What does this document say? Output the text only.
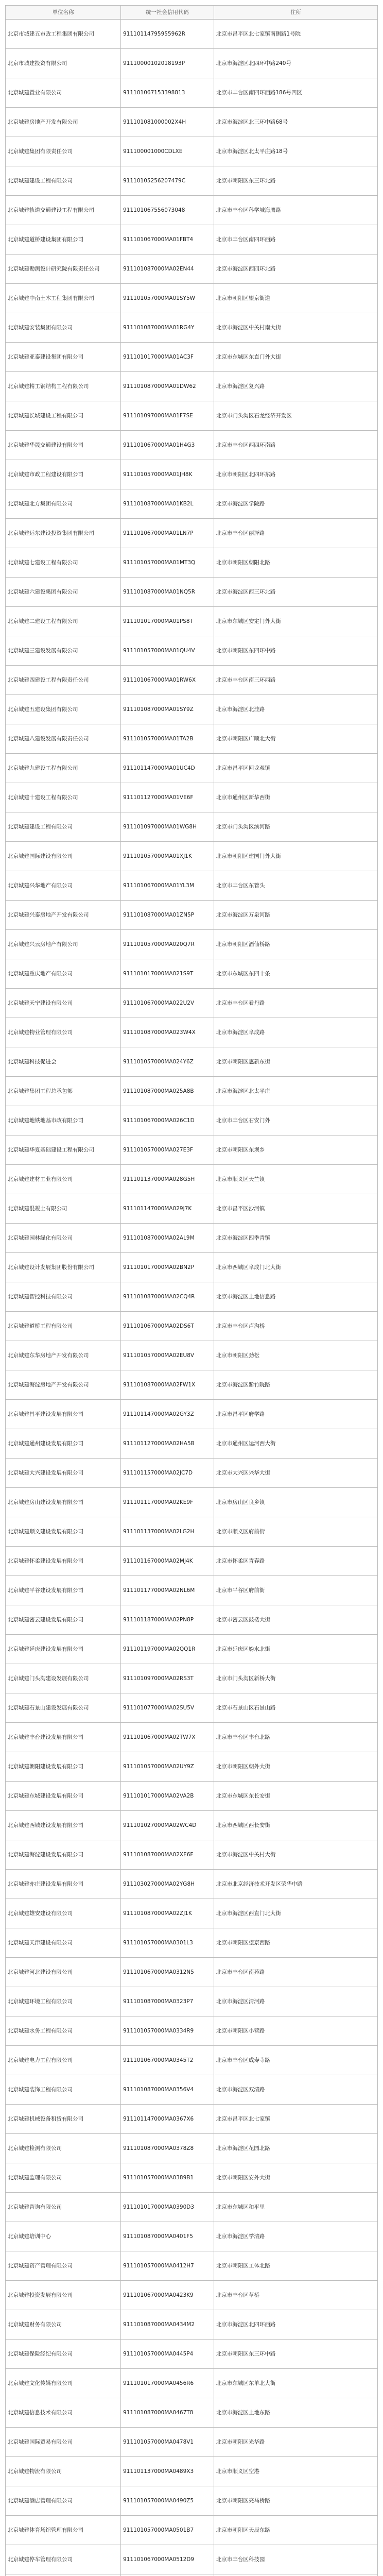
单位名称	统一社会信用代码	住所
北京市城建五市政工程集团有限公司	91110114795955962R	北京市昌平区北七家镇南侧路1号院
北京市城建投资有限公司	91110000102018193P	北京市海淀区北四环中路240号
北京城建置业有限公司	911101067153398813	北京市丰台区南四环西路186号四区
北京城建房地产开发有限公司	911101081000002X4H	北京市海淀区北三环中路68号
北京城建集团有限责任公司	911100001000CDLXE	北京市海淀区北太平庄路18号
北京城建建设工程有限公司	91110105256207479C	北京市朝阳区东三环北路
北京城建轨道交通建设工程有限公司	911101067556073048	北京市丰台区科学城海鹰路
北京城建道桥建设集团有限公司	911101067000MA01FBT4	北京市丰台区南四环西路
北京城建勘测设计研究院有限责任公司	911101087000MA02EN44	北京市海淀区西四环北路
北京城建中南土木工程集团有限公司	911101057000MA01SY5W	北京市朝阳区望京街道
北京城建安装集团有限公司	911101087000MA01RG4Y	北京市海淀区中关村南大街
北京城建亚泰建设集团有限公司	911101017000MA01AC3F	北京市东城区东直门外大街
北京城建精工钢结构工程有限公司	911101087000MA01DW62	北京市海淀区复兴路
北京城建长城建设工程有限公司	911101097000MA01F7SE	北京市门头沟区石龙经济开发区
北京城建华晟交通建设有限公司	911101067000MA01H4G3	北京市丰台区西四环南路
北京城建市政工程建设有限公司	911101057000MA01JH8K	北京市朝阳区北四环东路
北京城建北方集团有限公司	911101087000MA01KB2L	北京市海淀区学院路
北京城建远东建设投资集团有限公司	911101067000MA01LN7P	北京市丰台区丽泽路
北京城建七建设工程有限公司	911101057000MA01MT3Q	北京市朝阳区朝阳北路
北京城建六建设集团有限公司	911101087000MA01NQ5R	北京市海淀区西三环北路
北京城建二建设工程有限公司	911101017000MA01PS8T	北京市东城区安定门外大街
北京城建三建设发展有限公司	911101057000MA01QU4V	北京市朝阳区东四环中路
北京城建四建设工程有限责任公司	911101067000MA01RW6X	北京市丰台区南三环西路
北京城建五建设集团有限公司	911101087000MA01SY9Z	北京市海淀区北洼路
北京城建八建设发展有限责任公司	911101057000MA01TA2B	北京市朝阳区广顺北大街
北京城建九建设工程有限公司	911101147000MA01UC4D	北京市昌平区回龙观镇
北京城建十建设工程有限公司	911101127000MA01VE6F	北京市通州区新华西街
北京城建建设工程有限公司	911101097000MA01WG8H	北京市门头沟区滨河路
北京城建国际建设有限公司	911101057000MA01XJ1K	北京市朝阳区建国门外大街
北京城建兴华地产有限公司	911101067000MA01YL3M	北京市丰台区东管头
北京城建兴泰房地产开发有限公司	911101087000MA01ZN5P	北京市海淀区万泉河路
北京城建兴云房地产有限公司	911101057000MA020Q7R	北京市朝阳区酒仙桥路
北京城建重庆地产有限公司	911101017000MA021S9T	北京市东城区东四十条
北京城建天宁建设有限公司	911101067000MA022U2V	北京市丰台区看丹路
北京城建物业管理有限公司	911101087000MA023W4X	北京市海淀区阜成路
北京城建科技促进会	911101057000MA024Y6Z	北京市朝阳区惠新东街
北京城建集团工程总承包部	911101087000MA025A8B	北京市海淀区北太平庄
北京城建地铁地基市政有限公司	911101067000MA026C1D	北京市丰台区右安门外
北京城建华夏基础建设工程有限公司	911101057000MA027E3F	北京市朝阳区东坝乡
北京城建建材工业有限公司	911101137000MA028G5H	北京市顺义区天竺镇
北京城建混凝土有限公司	911101147000MA029J7K	北京市昌平区沙河镇
北京城建园林绿化有限公司	911101087000MA02AL9M	北京市海淀区四季青镇
北京城建设计发展集团股份有限公司	911101017000MA02BN2P	北京市西城区阜成门北大街
北京城建智控科技有限公司	911101087000MA02CQ4R	北京市海淀区上地信息路
北京城建道桥工程有限公司	911101067000MA02DS6T	北京市丰台区卢沟桥
北京城建东华房地产开发有限公司	911101057000MA02EU8V	北京市朝阳区劲松
北京城建海淀房地产开发有限公司	911101087000MA02FW1X	北京市海淀区紫竹院路
北京城建昌平建设发展有限公司	911101147000MA02GY3Z	北京市昌平区府学路
北京城建通州建设发展有限公司	911101127000MA02HA5B	北京市通州区运河西大街
北京城建大兴建设发展有限公司	911101157000MA02JC7D	北京市大兴区兴华大街
北京城建房山建设发展有限公司	911101117000MA02KE9F	北京市房山区良乡镇
北京城建顺义建设发展有限公司	911101137000MA02LG2H	北京市顺义区府前街
北京城建怀柔建设发展有限公司	911101167000MA02MJ4K	北京市怀柔区青春路
北京城建平谷建设发展有限公司	911101177000MA02NL6M	北京市平谷区府前街
北京城建密云建设发展有限公司	911101187000MA02PN8P	北京市密云区鼓楼大街
北京城建延庆建设发展有限公司	911101197000MA02QQ1R	北京市延庆区妫水北街
北京城建门头沟建设发展有限公司	911101097000MA02RS3T	北京市门头沟区新桥大街
北京城建石景山建设发展有限公司	911101077000MA02SU5V	北京市石景山区石景山路
北京城建丰台建设发展有限公司	911101067000MA02TW7X	北京市丰台区丰台北路
北京城建朝阳建设发展有限公司	911101057000MA02UY9Z	北京市朝阳区朝外大街
北京城建东城建设发展有限公司	911101017000MA02VA2B	北京市东城区东长安街
北京城建西城建设发展有限公司	911101027000MA02WC4D	北京市西城区西长安街
北京城建海淀建设发展有限公司	911101087000MA02XE6F	北京市海淀区中关村大街
北京城建亦庄建设发展有限公司	911103027000MA02YG8H	北京市北京经济技术开发区荣华中路
北京城建雄安建设有限公司	911101087000MA02ZJ1K	北京市海淀区西直门北大街
北京城建天津建设有限公司	911101057000MA0301L3	北京市朝阳区望京西路
北京城建河北建设有限公司	911101067000MA0312N5	北京市丰台区南苑路
北京城建环境工程有限公司	911101087000MA0323P7	北京市海淀区清河路
北京城建水务工程有限公司	911101057000MA0334R9	北京市朝阳区小营路
北京城建电力工程有限公司	911101067000MA0345T2	北京市丰台区成寿寺路
北京城建装饰工程有限公司	911101087000MA0356V4	北京市海淀区双清路
北京城建机械设备租赁有限公司	911101147000MA0367X6	北京市昌平区北七家镇
北京城建检测有限公司	911101087000MA0378Z8	北京市海淀区花园北路
北京城建监理有限公司	911101057000MA0389B1	北京市朝阳区安外大街
北京城建咨询有限公司	911101017000MA0390D3	北京市东城区和平里
北京城建培训中心	911101087000MA0401F5	北京市海淀区学清路
北京城建资产管理有限公司	911101057000MA0412H7	北京市朝阳区工体北路
北京城建投资发展有限公司	911101067000MA0423K9	北京市丰台区草桥
北京城建财务有限公司	911101087000MA0434M2	北京市海淀区北四环西路
北京城建保险经纪有限公司	911101057000MA0445P4	北京市朝阳区东三环中路
北京城建文化传媒有限公司	911101017000MA0456R6	北京市东城区东单北大街
北京城建信息技术有限公司	911101087000MA0467T8	北京市海淀区上地东路
北京城建国际贸易有限公司	911101057000MA0478V1	北京市朝阳区光华路
北京城建物流有限公司	911101137000MA0489X3	北京市顺义区空港
北京城建酒店管理有限公司	911101057000MA0490Z5	北京市朝阳区亮马桥路
北京城建体育场馆管理有限公司	911101057000MA0501B7	北京市朝阳区天辰东路
北京城建停车管理有限公司	911101067000MA0512D9	北京市丰台区科技园
